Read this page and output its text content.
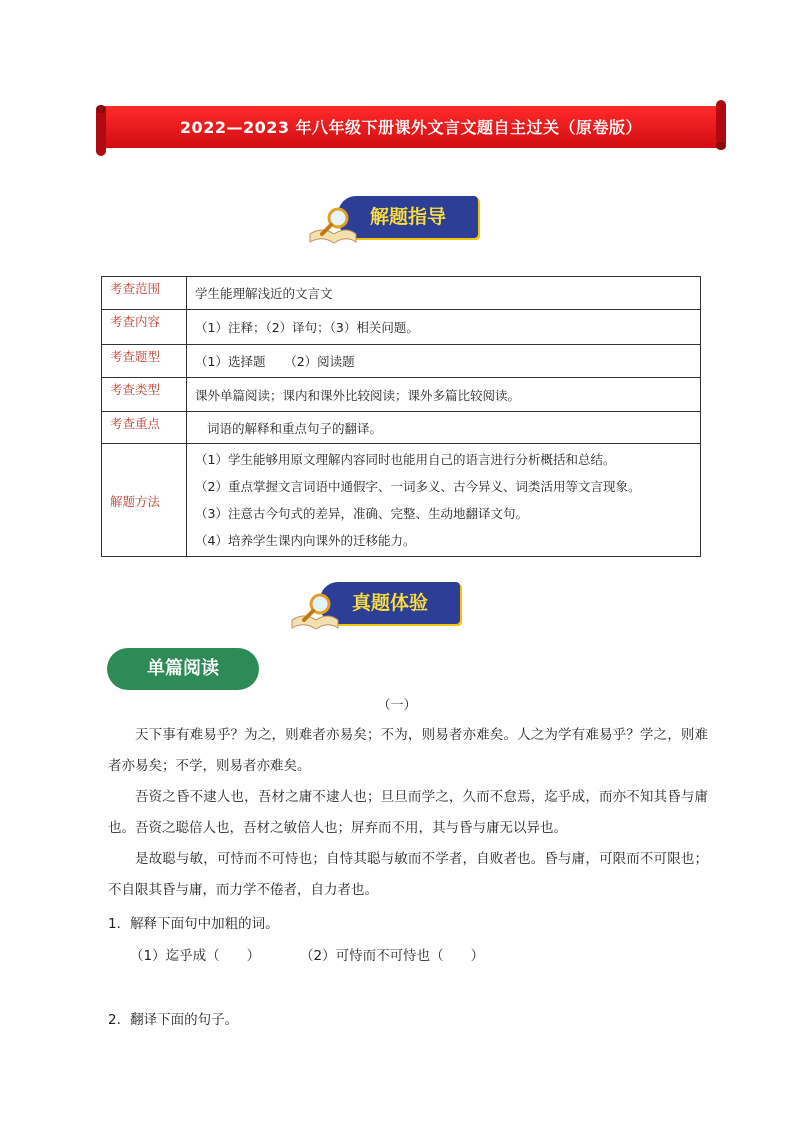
2022—2023 年八年级下册课外文言文题自主过关（原卷版）
解题指导
考查范围	学生能理解浅近的文言文
考查内容	（1）注释；（2）译句；（3）相关问题。
考查题型	（1）选择题　　（2）阅读题
考查类型	课外单篇阅读；课内和课外比较阅读；课外多篇比较阅读。
考查重点	词语的解释和重点句子的翻译。
解题方法	（1）学生能够用原文理解内容同时也能用自己的语言进行分析概括和总结。
（2）重点掌握文言词语中通假字、一词多义、古今异义、词类活用等文言现象。
（3）注意古今句式的差异，准确、完整、生动地翻译文句。
（4）培养学生课内向课外的迁移能力。
真题体验
单篇阅读
（一）

天下事有难易乎？为之，则难者亦易矣；不为，则易者亦难矣。人之为学有难易乎？学之，则难者亦易矣；不学，则易者亦难矣。

吾资之昏不逮人也，吾材之庸不逮人也；旦旦而学之，久而不怠焉，迄乎成，而亦不知其昏与庸也。吾资之聪倍人也，吾材之敏倍人也；屏弃而不用，其与昏与庸无以异也。

是故聪与敏，可恃而不可恃也；自恃其聪与敏而不学者，自败者也。昏与庸，可限而不可限也；不自限其昏与庸，而力学不倦者，自力者也。

1．解释下面句中加粗的词。
（1）迄乎成（　　）	（2）可恃而不可恃也（　　）
2．翻译下面的句子。
